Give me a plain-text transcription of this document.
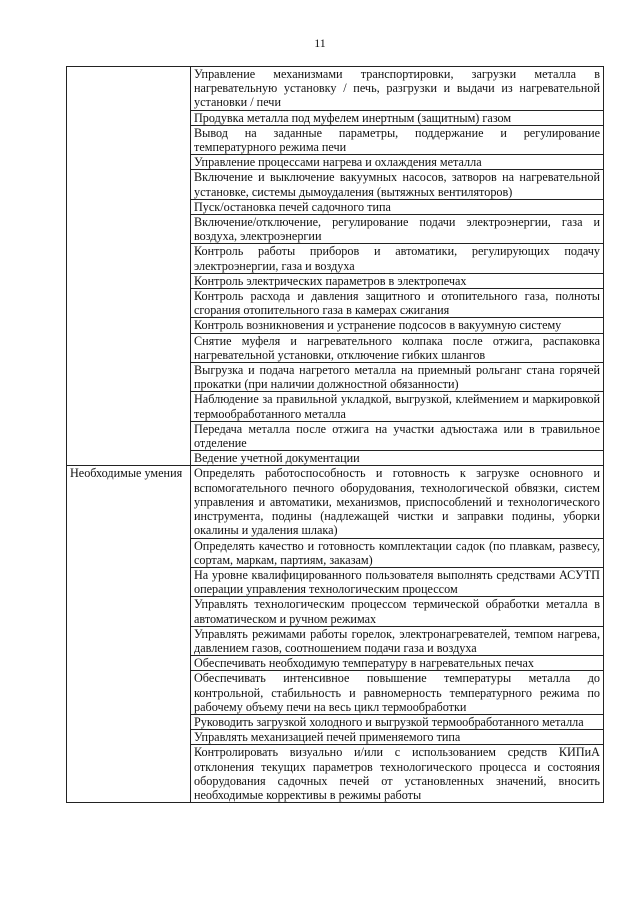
11
	Управление механизмами транспортировки, загрузки металла в нагревательную установку / печь, разгрузки и выдачи из нагревательной установки / печи
	Продувка металла под муфелем инертным (защитным) газом
	Вывод на заданные параметры, поддержание и регулирование температурного режима печи
	Управление процессами нагрева и охлаждения металла
	Включение и выключение вакуумных насосов, затворов на нагревательной установке, системы дымоудаления (вытяжных вентиляторов)
	Пуск/остановка печей садочного типа
	Включение/отключение, регулирование подачи электроэнергии, газа и воздуха, электроэнергии
	Контроль работы приборов и автоматики, регулирующих подачу электроэнергии, газа и воздуха
	Контроль электрических параметров в электропечах
	Контроль расхода и давления защитного и отопительного газа, полноты сгорания отопительного газа в камерах сжигания
	Контроль возникновения и устранение подсосов в вакуумную систему
	Снятие муфеля и нагревательного колпака после отжига, распаковка нагревательной установки, отключение гибких шлангов
	Выгрузка и подача нагретого металла на приемный рольганг стана горячей прокатки (при наличии должностной обязанности)
	Наблюдение за правильной укладкой, выгрузкой, клеймением и маркировкой термообработанного металла
	Передача металла после отжига на участки адъюстажа или в травильное отделение
	Ведение учетной документации
Необходимые умения	Определять работоспособность и готовность к загрузке основного и вспомогательного печного оборудования, технологической обвязки, систем управления и автоматики, механизмов, приспособлений и технологического инструмента, подины (надлежащей чистки и заправки подины, уборки окалины и удаления шлака)
	Определять качество и готовность комплектации садок (по плавкам, развесу, сортам, маркам, партиям, заказам)
	На уровне квалифицированного пользователя выполнять средствами АСУТП операции управления технологическим процессом
	Управлять технологическим процессом термической обработки металла в автоматическом и ручном режимах
	Управлять режимами работы горелок, электронагревателей, темпом нагрева, давлением газов, соотношением подачи газа и воздуха
	Обеспечивать необходимую температуру в нагревательных печах
	Обеспечивать интенсивное повышение температуры металла до контрольной, стабильность и равномерность температурного режима по рабочему объему печи на весь цикл термообработки
	Руководить загрузкой холодного и выгрузкой термообработанного металла
	Управлять механизацией печей применяемого типа
	Контролировать визуально и/или с использованием средств КИПиА отклонения текущих параметров технологического процесса и состояния оборудования садочных печей от установленных значений, вносить необходимые коррективы в режимы работы
